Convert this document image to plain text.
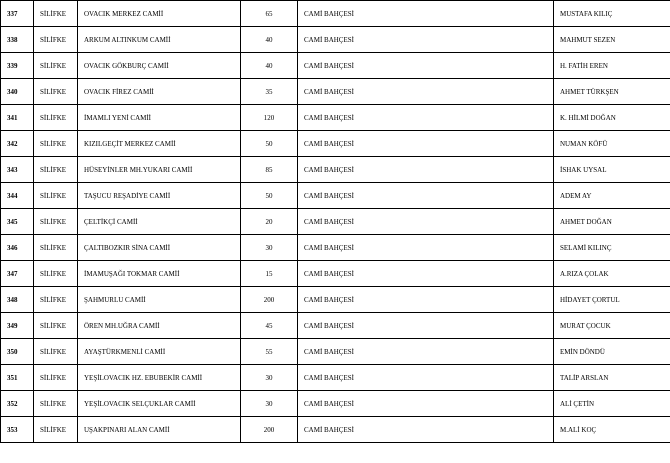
337	SİLİFKE	OVACIK MERKEZ CAMİİ	65	CAMİ BAHÇESİ	MUSTAFA KILIÇ
338	SİLİFKE	ARKUM ALTINKUM CAMİİ	40	CAMİ BAHÇESİ	MAHMUT SEZEN
339	SİLİFKE	OVACIK GÖKBURÇ CAMİİ	40	CAMİ BAHÇESİ	H. FATİH EREN
340	SİLİFKE	OVACIK FİREZ CAMİİ	35	CAMİ BAHÇESİ	AHMET TÜRKŞEN
341	SİLİFKE	İMAMLI YENİ CAMİİ	120	CAMİ BAHÇESİ	K. HİLMİ DOĞAN
342	SİLİFKE	KIZILGEÇİT MERKEZ CAMİİ	50	CAMİ BAHÇESİ	NUMAN KÖFÜ
343	SİLİFKE	HÜSEYİNLER MH.YUKARI CAMİİ	85	CAMİ BAHÇESİ	İSHAK UYSAL
344	SİLİFKE	TAŞUCU REŞADİYE CAMİİ	50	CAMİ BAHÇESİ	ADEM AY
345	SİLİFKE	ÇELTİKÇİ CAMİİ	20	CAMİ BAHÇESİ	AHMET DOĞAN
346	SİLİFKE	ÇALTIBOZKIR SİNA CAMİİ	30	CAMİ BAHÇESİ	SELAMİ KILINÇ
347	SİLİFKE	İMAMUŞAĞI TOKMAR CAMİİ	15	CAMİ BAHÇESİ	A.RIZA ÇOLAK
348	SİLİFKE	ŞAHMURLU CAMİİ	200	CAMİ BAHÇESİ	HİDAYET ÇORTUL
349	SİLİFKE	ÖREN MH.UĞRA CAMİİ	45	CAMİ BAHÇESİ	MURAT ÇOCUK
350	SİLİFKE	AYAŞTÜRKMENLİ CAMİİ	55	CAMİ BAHÇESİ	EMİN DÖNDÜ
351	SİLİFKE	YEŞİLOVACIK HZ. EBUBEKİR CAMİİ	30	CAMİ BAHÇESİ	TALİP ARSLAN
352	SİLİFKE	YEŞİLOVACIK SELÇUKLAR CAMİİ	30	CAMİ BAHÇESİ	ALİ ÇETİN
353	SİLİFKE	UŞAKPINARI ALAN CAMİİ	200	CAMİ BAHÇESİ	M.ALİ KOÇ
